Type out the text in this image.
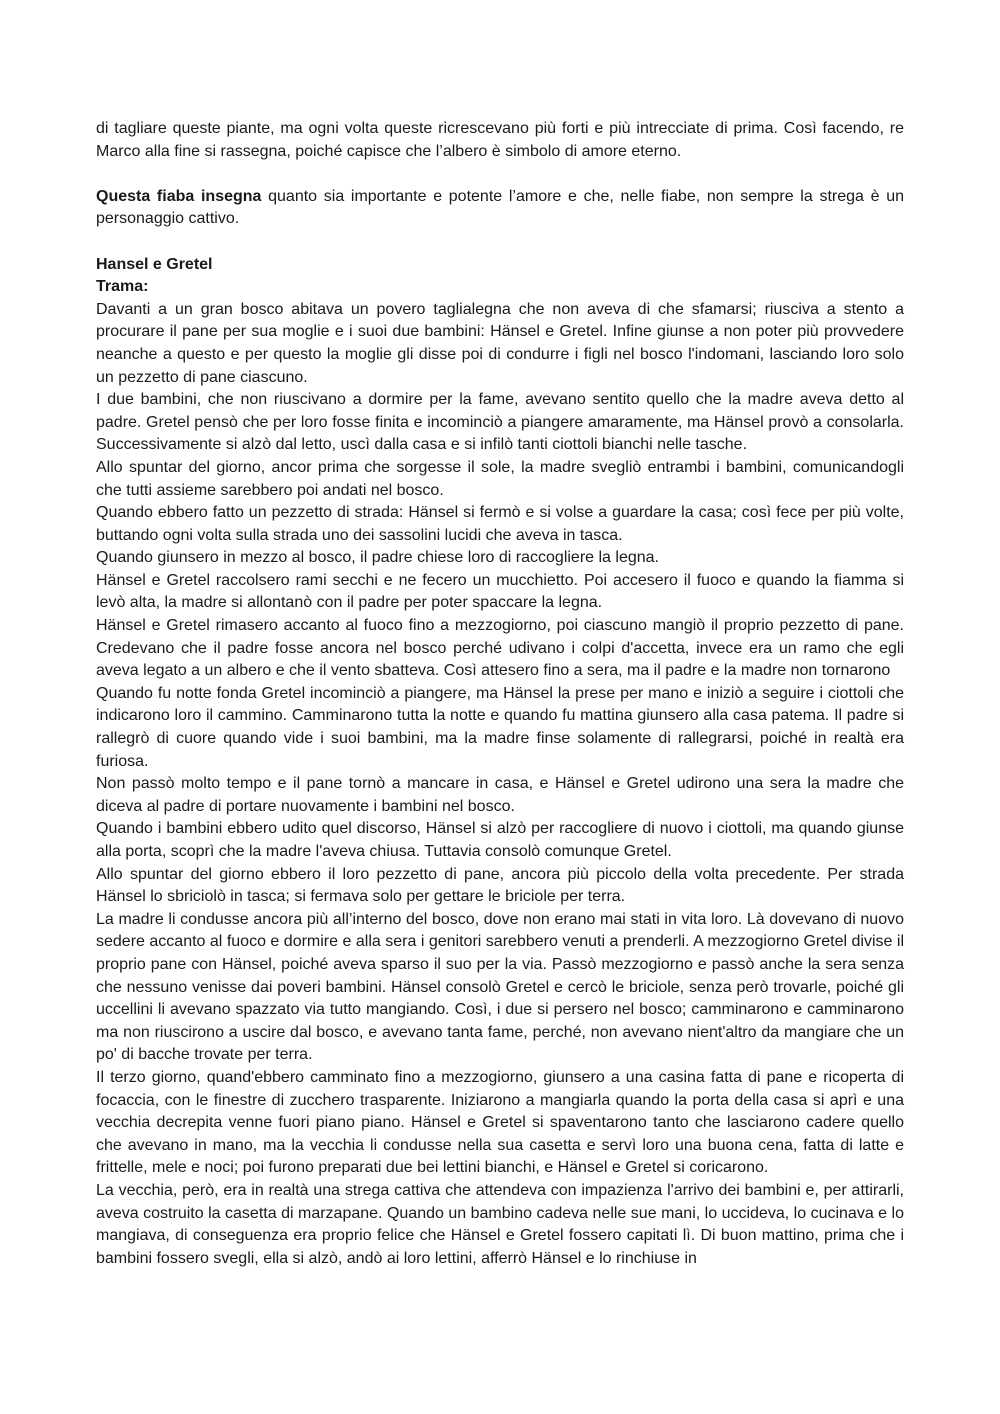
di tagliare queste piante, ma ogni volta queste ricrescevano più forti e più intrecciate di prima. Così facendo, re Marco alla fine si rassegna, poiché capisce che l’albero è simbolo di amore eterno.

Questa fiaba insegna quanto sia importante e potente l’amore e che, nelle fiabe, non sempre la strega è un personaggio cattivo.

Hansel e Gretel

Trama:

Davanti a un gran bosco abitava un povero taglialegna che non aveva di che sfamarsi; riusciva a stento a procurare il pane per sua moglie e i suoi due bambini: Hänsel e Gretel. Infine giunse a non poter più provvedere neanche a questo e per questo la moglie gli disse poi di condurre i figli nel bosco l'indomani, lasciando loro solo un pezzetto di pane ciascuno.

I due bambini, che non riuscivano a dormire per la fame, avevano sentito quello che la madre aveva detto al padre. Gretel pensò che per loro fosse finita e incominciò a piangere amaramente, ma Hänsel provò a consolarla. Successivamente si alzò dal letto, uscì dalla casa e si infilò tanti ciottoli bianchi nelle tasche.

Allo spuntar del giorno, ancor prima che sorgesse il sole, la madre svegliò entrambi i bambini, comunicandogli che tutti assieme sarebbero poi andati nel bosco.

Quando ebbero fatto un pezzetto di strada: Hänsel si fermò e si volse a guardare la casa; così fece per più volte, buttando ogni volta sulla strada uno dei sassolini lucidi che aveva in tasca.

Quando giunsero in mezzo al bosco, il padre chiese loro di raccogliere la legna.

Hänsel e Gretel raccolsero rami secchi e ne fecero un mucchietto. Poi accesero il fuoco e quando la fiamma si levò alta, la madre si allontanò con il padre per poter spaccare la legna.

Hänsel e Gretel rimasero accanto al fuoco fino a mezzogiorno, poi ciascuno mangiò il proprio pezzetto di pane. Credevano che il padre fosse ancora nel bosco perché udivano i colpi d'accetta, invece era un ramo che egli aveva legato a un albero e che il vento sbatteva. Così attesero fino a sera, ma il padre e la madre non tornarono

Quando fu notte fonda Gretel incominciò a piangere, ma Hänsel la prese per mano e iniziò a seguire i ciottoli che indicarono loro il cammino. Camminarono tutta la notte e quando fu mattina giunsero alla casa patema. Il padre si rallegrò di cuore quando vide i suoi bambini, ma la madre finse solamente di rallegrarsi, poiché in realtà era furiosa.

Non passò molto tempo e il pane tornò a mancare in casa, e Hänsel e Gretel udirono una sera la madre che diceva al padre di portare nuovamente i bambini nel bosco.

Quando i bambini ebbero udito quel discorso, Hänsel si alzò per raccogliere di nuovo i ciottoli, ma quando giunse alla porta, scoprì che la madre l'aveva chiusa. Tuttavia consolò comunque Gretel.

Allo spuntar del giorno ebbero il loro pezzetto di pane, ancora più piccolo della volta precedente. Per strada Hänsel lo sbriciolò in tasca; si fermava solo per gettare le briciole per terra.

La madre li condusse ancora più all’interno del bosco, dove non erano mai stati in vita loro. Là dovevano di nuovo sedere accanto al fuoco e dormire e alla sera i genitori sarebbero venuti a prenderli. A mezzogiorno Gretel divise il proprio pane con Hänsel, poiché aveva sparso il suo per la via. Passò mezzogiorno e passò anche la sera senza che nessuno venisse dai poveri bambini. Hänsel consolò Gretel e cercò le briciole, senza però trovarle, poiché gli uccellini li avevano spazzato via tutto mangiando. Così, i due si persero nel bosco; camminarono e camminarono ma non riuscirono a uscire dal bosco, e avevano tanta fame, perché, non avevano nient'altro da mangiare che un po' di bacche trovate per terra.

Il terzo giorno, quand'ebbero camminato fino a mezzogiorno, giunsero a una casina fatta di pane e ricoperta di focaccia, con le finestre di zucchero trasparente. Iniziarono a mangiarla quando la porta della casa si aprì e una vecchia decrepita venne fuori piano piano. Hänsel e Gretel si spaventarono tanto che lasciarono cadere quello che avevano in mano, ma la vecchia li condusse nella sua casetta e servì loro una buona cena, fatta di latte e frittelle, mele e noci; poi furono preparati due bei lettini bianchi, e Hänsel e Gretel si coricarono.

La vecchia, però, era in realtà una strega cattiva che attendeva con impazienza l'arrivo dei bambini e, per attirarli, aveva costruito la casetta di marzapane. Quando un bambino cadeva nelle sue mani, lo uccideva, lo cucinava e lo mangiava, di conseguenza era proprio felice che Hänsel e Gretel fossero capitati lì. Di buon mattino, prima che i bambini fossero svegli, ella si alzò, andò ai loro lettini, afferrò Hänsel e lo rinchiuse in
